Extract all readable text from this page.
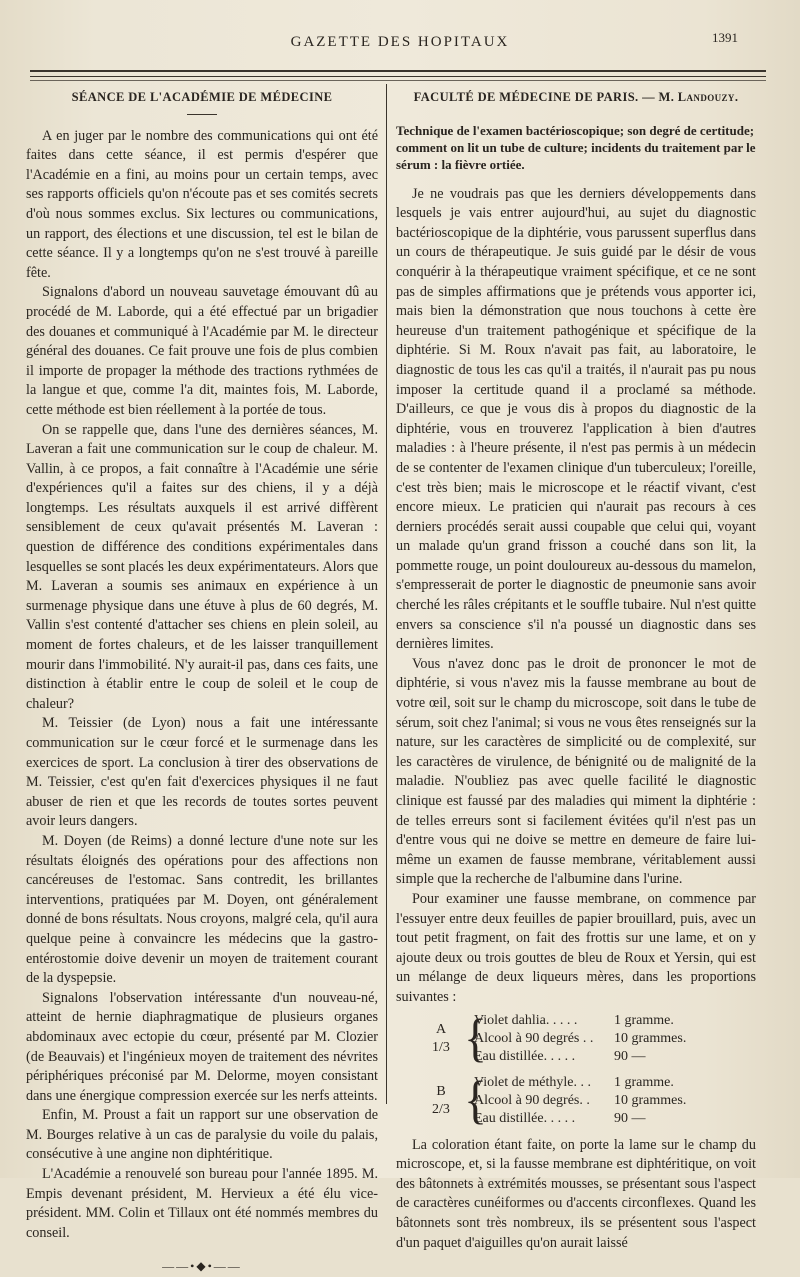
GAZETTE DES HOPITAUX	1391
SÉANCE DE L'ACADÉMIE DE MÉDECINE

A en juger par le nombre des communications qui ont été faites dans cette séance, il est permis d'espérer que l'Académie en a fini, au moins pour un certain temps, avec ses rapports officiels qu'on n'écoute pas et ses comités secrets d'où nous sommes exclus. Six lectures ou communications, un rapport, des élections et une discussion, tel est le bilan de cette séance. Il y a longtemps qu'on ne s'est trouvé à pareille fête.

Signalons d'abord un nouveau sauvetage émouvant dû au procédé de M. Laborde, qui a été effectué par un brigadier des douanes et communiqué à l'Académie par M. le directeur général des douanes. Ce fait prouve une fois de plus combien il importe de propager la méthode des tractions rythmées de la langue et que, comme l'a dit, maintes fois, M. Laborde, cette méthode est bien réellement à la portée de tous.

On se rappelle que, dans l'une des dernières séances, M. Laveran a fait une communication sur le coup de chaleur. M. Vallin, à ce propos, a fait connaître à l'Académie une série d'expériences qu'il a faites sur des chiens, il y a déjà longtemps. Les résultats auxquels il est arrivé diffèrent sensiblement de ceux qu'avait présentés M. Laveran : question de différence des conditions expérimentales dans lesquelles se sont placés les deux expérimentateurs. Alors que M. Laveran a soumis ses animaux en expérience à un surmenage physique dans une étuve à plus de 60 degrés, M. Vallin s'est contenté d'attacher ses chiens en plein soleil, au moment de fortes chaleurs, et de les laisser tranquillement mourir dans l'immobilité. N'y aurait-il pas, dans ces faits, une distinction à établir entre le coup de soleil et le coup de chaleur?

M. Teissier (de Lyon) nous a fait une intéressante communication sur le cœur forcé et le surmenage dans les exercices de sport. La conclusion à tirer des observations de M. Teissier, c'est qu'en fait d'exercices physiques il ne faut abuser de rien et que les records de toutes sortes peuvent avoir leurs dangers.

M. Doyen (de Reims) a donné lecture d'une note sur les résultats éloignés des opérations pour des affections non cancéreuses de l'estomac. Sans contredit, les brillantes interventions, pratiquées par M. Doyen, ont généralement donné de bons résultats. Nous croyons, malgré cela, qu'il aura quelque peine à convaincre les médecins que la gastro-entérostomie doive devenir un moyen de traitement courant de la dyspepsie.

Signalons l'observation intéressante d'un nouveau-né, atteint de hernie diaphragmatique de plusieurs organes abdominaux avec ectopie du cœur, présenté par M. Clozier (de Beauvais) et l'ingénieux moyen de traitement des névrites périphériques préconisé par M. Delorme, moyen consistant dans une énergique compression exercée sur les nerfs atteints.

Enfin, M. Proust a fait un rapport sur une observation de M. Bourges relative à un cas de paralysie du voile du palais, consécutive à une angine non diphtéritique.

L'Académie a renouvelé son bureau pour l'année 1895. M. Empis devenant président, M. Hervieux a été élu vice-président. MM. Colin et Tillaux ont été nommés membres du conseil.

——•◆•——
FACULTÉ DE MÉDECINE DE PARIS. — M. Landouzy.
Technique de l'examen bactérioscopique; son degré de certitude; comment on lit un tube de culture; incidents du traitement par le sérum : la fièvre ortiée.

Je ne voudrais pas que les derniers développements dans lesquels je vais entrer aujourd'hui, au sujet du diagnostic bactérioscopique de la diphtérie, vous parussent superflus dans un cours de thérapeutique. Je suis guidé par le désir de vous conquérir à la thérapeutique vraiment spécifique, et ce ne sont pas de simples affirmations que je prétends vous apporter ici, mais bien la démonstration que nous touchons à cette ère heureuse d'un traitement pathogénique et spécifique de la diphtérie. Si M. Roux n'avait pas fait, au laboratoire, le diagnostic de tous les cas qu'il a traités, il n'aurait pas pu nous imposer la certitude quand il a proclamé sa méthode. D'ailleurs, ce que je vous dis à propos du diagnostic de la diphtérie, vous en trouverez l'application à bien d'autres maladies : à l'heure présente, il n'est pas permis à un médecin de se contenter de l'examen clinique d'un tuberculeux; l'oreille, c'est très bien; mais le microscope et le réactif vivant, c'est encore mieux. Le praticien qui n'aurait pas recours à ces derniers procédés serait aussi coupable que celui qui, voyant un malade qu'un grand frisson a couché dans son lit, la pommette rouge, un point douloureux au-dessous du mamelon, s'empresserait de porter le diagnostic de pneumonie sans avoir cherché les râles crépitants et le souffle tubaire. Nul n'est quitte envers sa conscience s'il n'a poussé un diagnostic dans ses dernières limites.

Vous n'avez donc pas le droit de prononcer le mot de diphtérie, si vous n'avez mis la fausse membrane au bout de votre œil, soit sur le champ du microscope, soit dans le tube de sérum, soit chez l'animal; si vous ne vous êtes renseignés sur la nature, sur les caractères de simplicité ou de complexité, sur les caractères de virulence, de bénignité ou de malignité de la maladie. N'oubliez pas avec quelle facilité le diagnostic clinique est faussé par des maladies qui miment la diphtérie : de telles erreurs sont si facilement évitées qu'il n'est pas un d'entre vous qui ne doive se mettre en demeure de faire lui-même un examen de fausse membrane, véritablement aussi simple que la recherche de l'albumine dans l'urine.

Pour examiner une fausse membrane, on commence par l'essuyer entre deux feuilles de papier brouillard, puis, avec un tout petit fragment, on fait des frottis sur une lame, et on y ajoute deux ou trois gouttes de bleu de Roux et Yersin, qui est un mélange de deux liqueurs mères, dans les proportions suivantes :

A
1/3 {
Violet dahlia. . . . .	1 gramme.
Alcool à 90 degrés . .	10 grammes.
Eau distillée. . . . .	90 —
B
2/3 {
Violet de méthyle. . .	1 gramme.
Alcool à 90 degrés. .	10 grammes.
Eau distillée. . . . .	90 —

La coloration étant faite, on porte la lame sur le champ du microscope, et, si la fausse membrane est diphtéritique, on voit des bâtonnets à extrémités mousses, se présentant sous l'aspect de caractères cunéiformes ou d'accents circonflexes. Quand les bâtonnets sont très nombreux, ils se présentent sous l'aspect d'un paquet d'aiguilles qu'on aurait laissé
